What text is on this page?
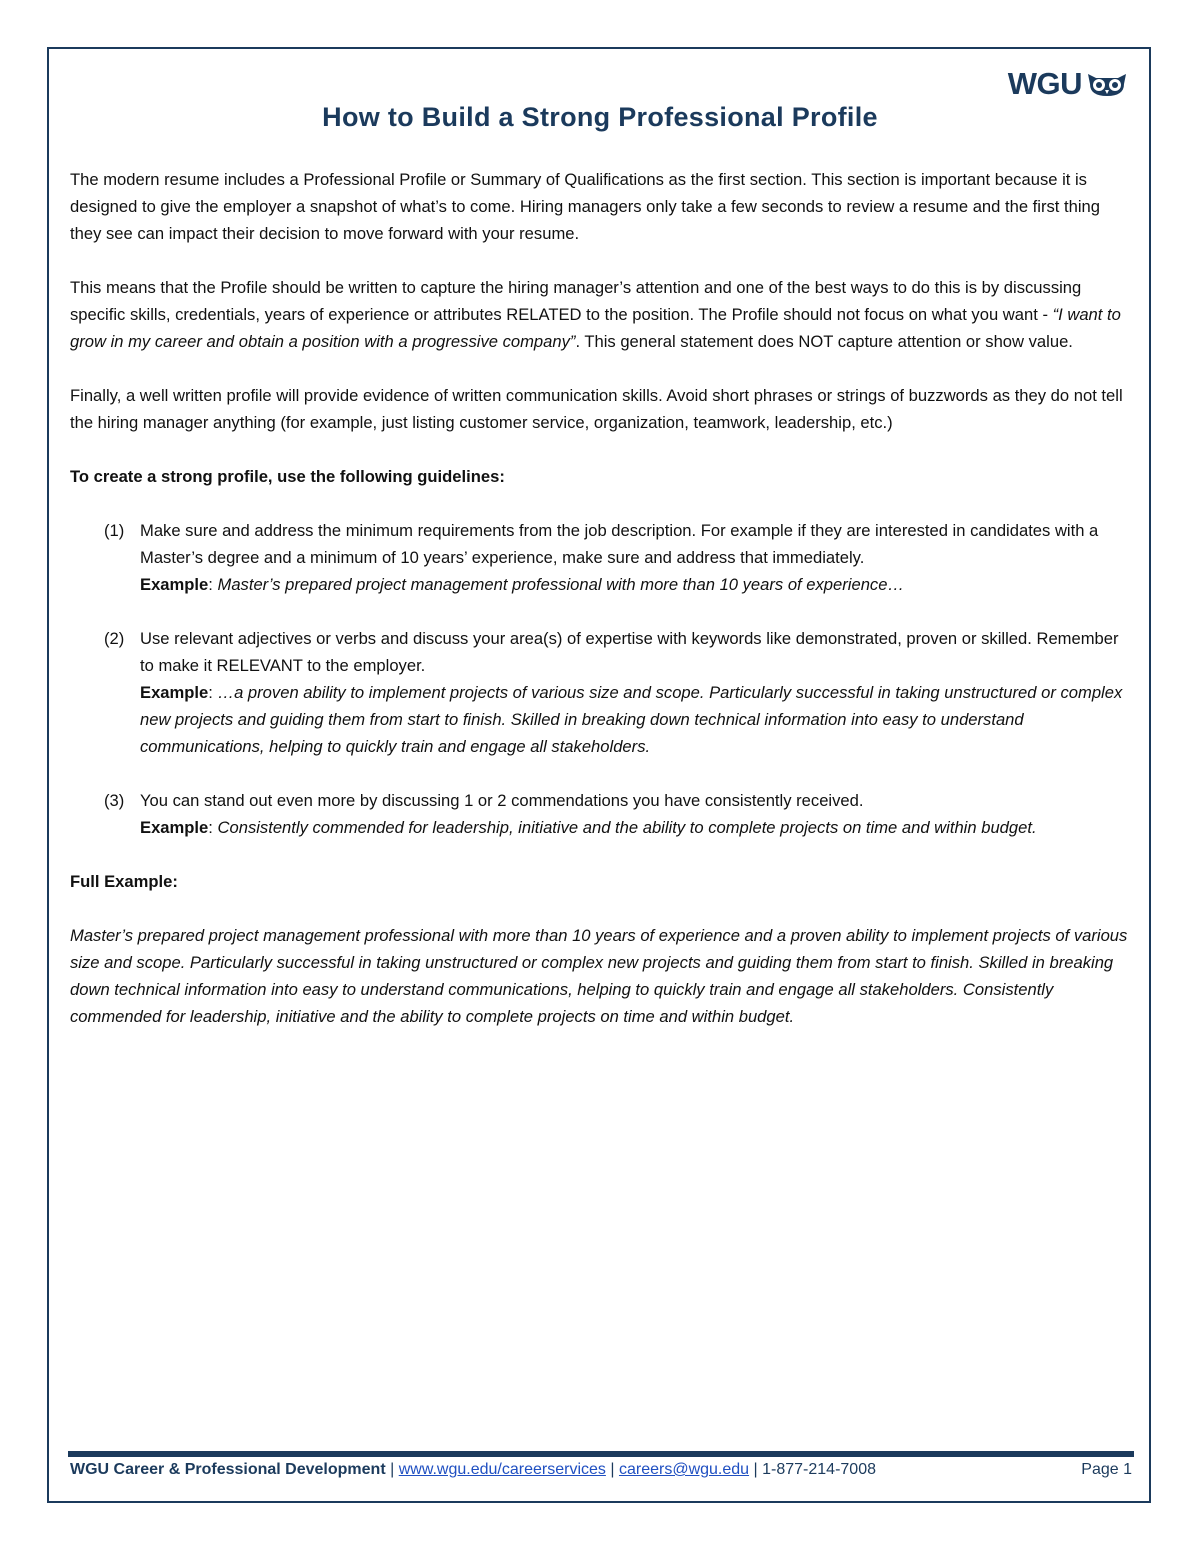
WGU
How to Build a Strong Professional Profile

The modern resume includes a Professional Profile or Summary of Qualifications as the first section. This section is important because it is designed to give the employer a snapshot of what’s to come. Hiring managers only take a few seconds to review a resume and the first thing they see can impact their decision to move forward with your resume.

This means that the Profile should be written to capture the hiring manager’s attention and one of the best ways to do this is by discussing specific skills, credentials, years of experience or attributes RELATED to the position. The Profile should not focus on what you want - “I want to grow in my career and obtain a position with a progressive company”. This general statement does NOT capture attention or show value.

Finally, a well written profile will provide evidence of written communication skills. Avoid short phrases or strings of buzzwords as they do not tell the hiring manager anything (for example, just listing customer service, organization, teamwork, leadership, etc.)

To create a strong profile, use the following guidelines:

(1) Make sure and address the minimum requirements from the job description. For example if they are interested in candidates with a Master’s degree and a minimum of 10 years’ experience, make sure and address that immediately.
Example: Master’s prepared project management professional with more than 10 years of experience…
(2) Use relevant adjectives or verbs and discuss your area(s) of expertise with keywords like demonstrated, proven or skilled. Remember to make it RELEVANT to the employer.
Example: …a proven ability to implement projects of various size and scope. Particularly successful in taking unstructured or complex new projects and guiding them from start to finish. Skilled in breaking down technical information into easy to understand communications, helping to quickly train and engage all stakeholders.
(3) You can stand out even more by discussing 1 or 2 commendations you have consistently received.
Example: Consistently commended for leadership, initiative and the ability to complete projects on time and within budget.

Full Example:

Master’s prepared project management professional with more than 10 years of experience and a proven ability to implement projects of various size and scope. Particularly successful in taking unstructured or complex new projects and guiding them from start to finish. Skilled in breaking down technical information into easy to understand communications, helping to quickly train and engage all stakeholders. Consistently commended for leadership, initiative and the ability to complete projects on time and within budget.

WGU Career & Professional Development | www.wgu.edu/careerservices | careers@wgu.edu | 1-877-214-7008	Page 1
